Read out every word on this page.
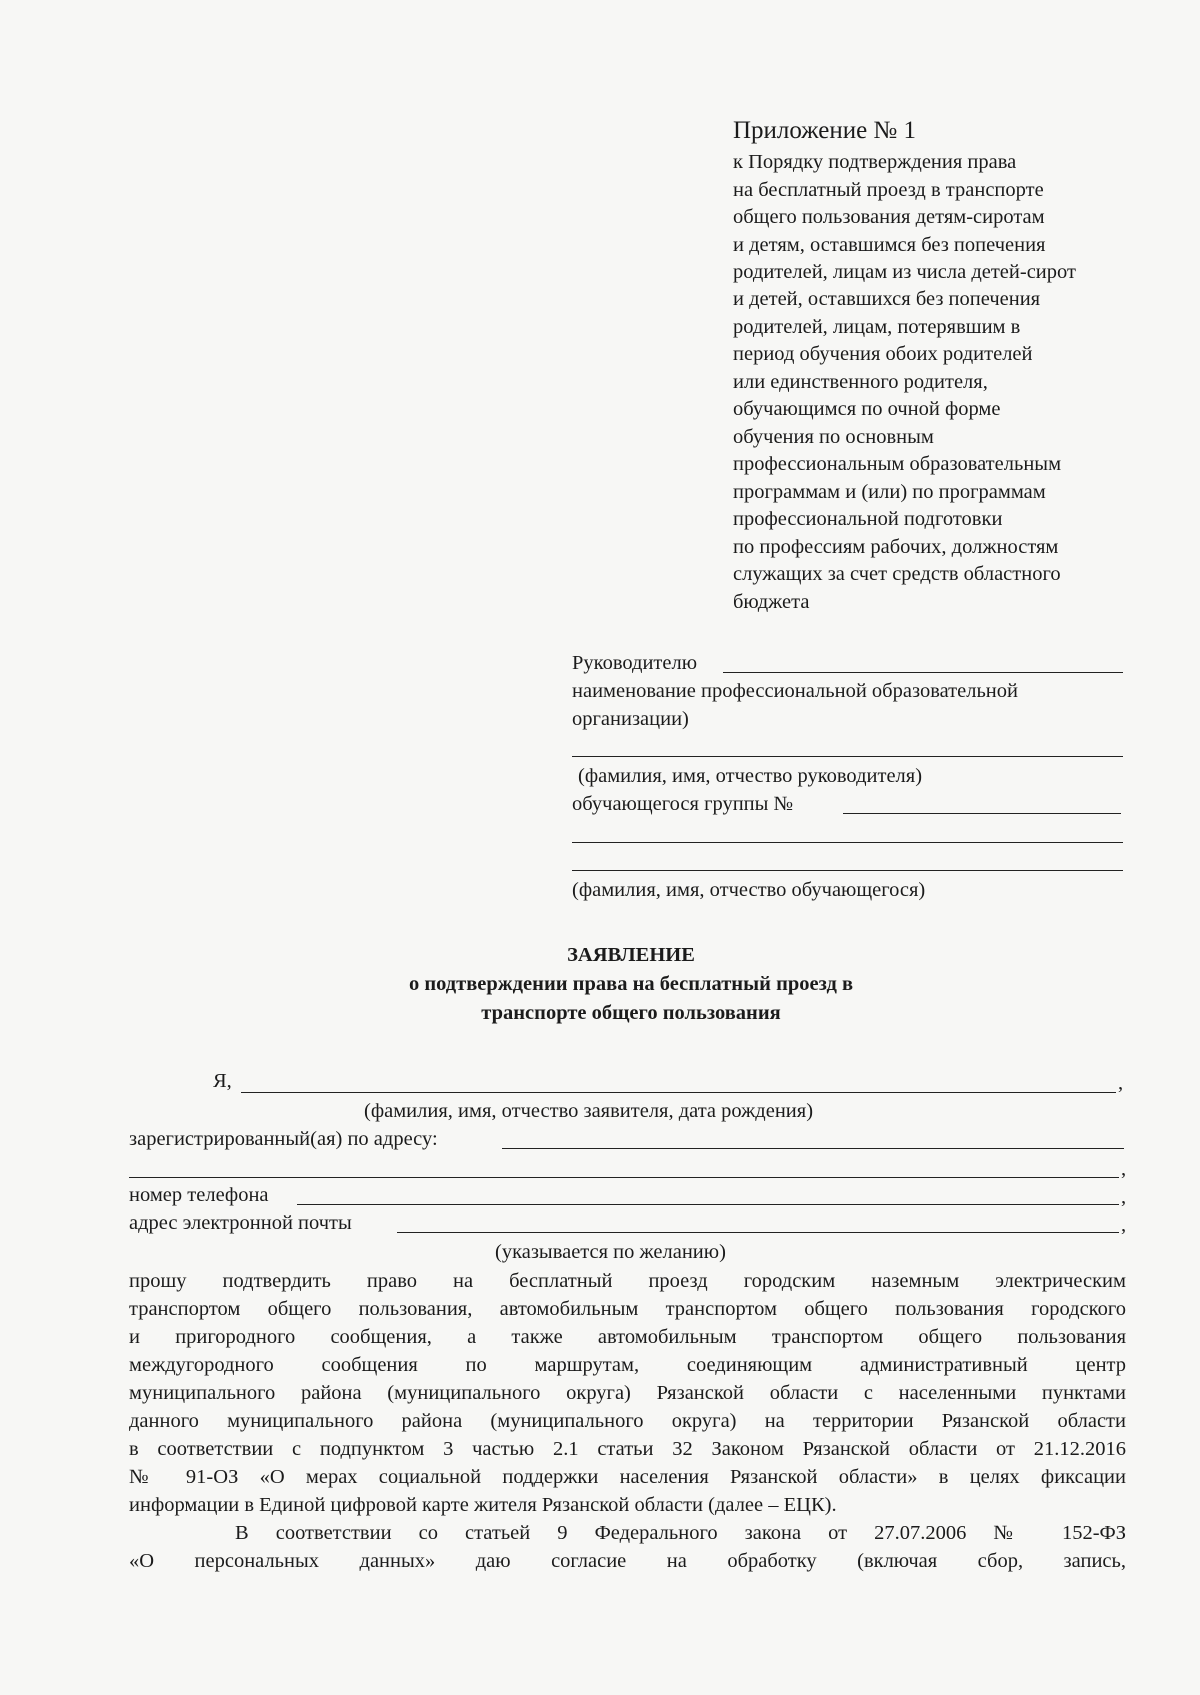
Приложение № 1
к Порядку подтверждения права
на бесплатный проезд в транспорте
общего пользования детям-сиротам
и детям, оставшимся без попечения
родителей, лицам из числа детей-сирот
и детей, оставшихся без попечения
родителей, лицам, потерявшим в
период обучения обоих родителей
или единственного родителя,
обучающимся по очной форме
обучения по основным
профессиональным образовательным
программам и (или) по программам
профессиональной подготовки
по профессиям рабочих, должностям
служащих за счет средств областного
бюджета
Руководителю
наименование профессиональной образовательной
организации)
(фамилия, имя, отчество руководителя)
обучающегося группы №
(фамилия, имя, отчество обучающегося)
ЗАЯВЛЕНИЕ
о подтверждении права на бесплатный проезд в
транспорте общего пользования
Я,	,
(фамилия, имя, отчество заявителя, дата рождения)
зарегистрированный(ая) по адресу:
,
номер телефона	,
адрес электронной почты	,
(указывается по желанию)
прошу подтвердить право на бесплатный проезд городским наземным электрическим
транспортом общего пользования, автомобильным транспортом общего пользования городского
и пригородного сообщения, а также автомобильным транспортом общего пользования
междугородного сообщения по маршрутам, соединяющим административный центр
муниципального района (муниципального округа) Рязанской области с населенными пунктами
данного муниципального района (муниципального округа) на территории Рязанской области
в соответствии с подпунктом 3 частью 2.1 статьи 32 Законом Рязанской области от 21.12.2016
№ 91-ОЗ «О мерах социальной поддержки населения Рязанской области» в целях фиксации
информации в Единой цифровой карте жителя Рязанской области (далее – ЕЦК).
В соответствии со статьей 9 Федерального закона от 27.07.2006 № 152-ФЗ
«О персональных данных» даю согласие на обработку (включая сбор, запись,
